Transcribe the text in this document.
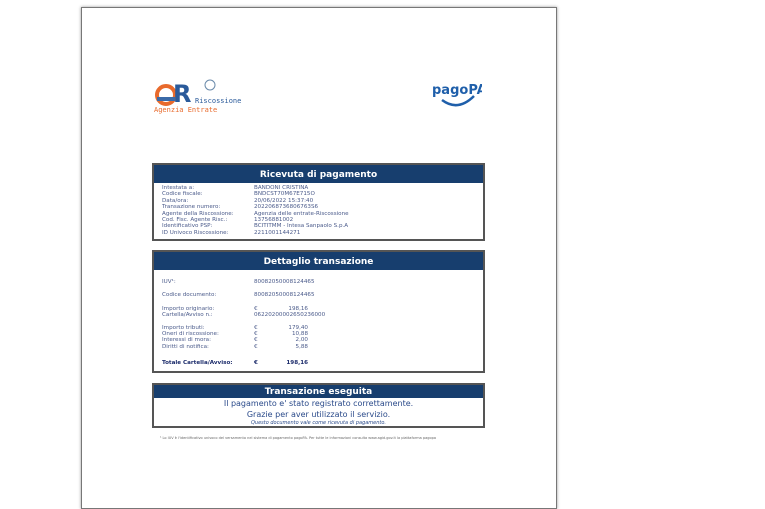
R Riscossione
Agenzia Entrate
pagoPA
Ricevuta di pagamento
Intestata a:	BANDONI CRISTINA
Codice fiscale:	BNDCST70M67E715O
Data/ora:	20/06/2022 15:37:40
Transazione numero:	2022068736806763S6
Agente della Riscossione:	Agenzia delle entrate-Riscossione
Cod. Fisc. Agente Risc.:	13756881002
Identificativo PSP:	BCITITMM - Intesa Sanpaolo S.p.A
ID Univoco Riscossione:	2211001144271
Dettaglio transazione
IUV¹:	80082050008124465
Codice documento:	80082050008124465
Importo originario:	€	198,16
Cartella/Avviso n.:	06220200002650236000
Importo tributi:	€	179,40
Oneri di riscossione:	€	10,88
Interessi di mora:	€	2,00
Diritti di notifica:	€	5,88
Totale Cartella/Avviso:	€	198,16
Transazione eseguita
Il pagamento e' stato registrato correttamente.
Grazie per aver utilizzato il servizio.
Questo documento vale come ricevuta di pagamento.
¹ Lo IUV è l'identificativo univoco del versamento nel sistema di pagamento pagoPA. Per tutte le informazioni consulta www.agid.gov.it la piattaforma pagopa
